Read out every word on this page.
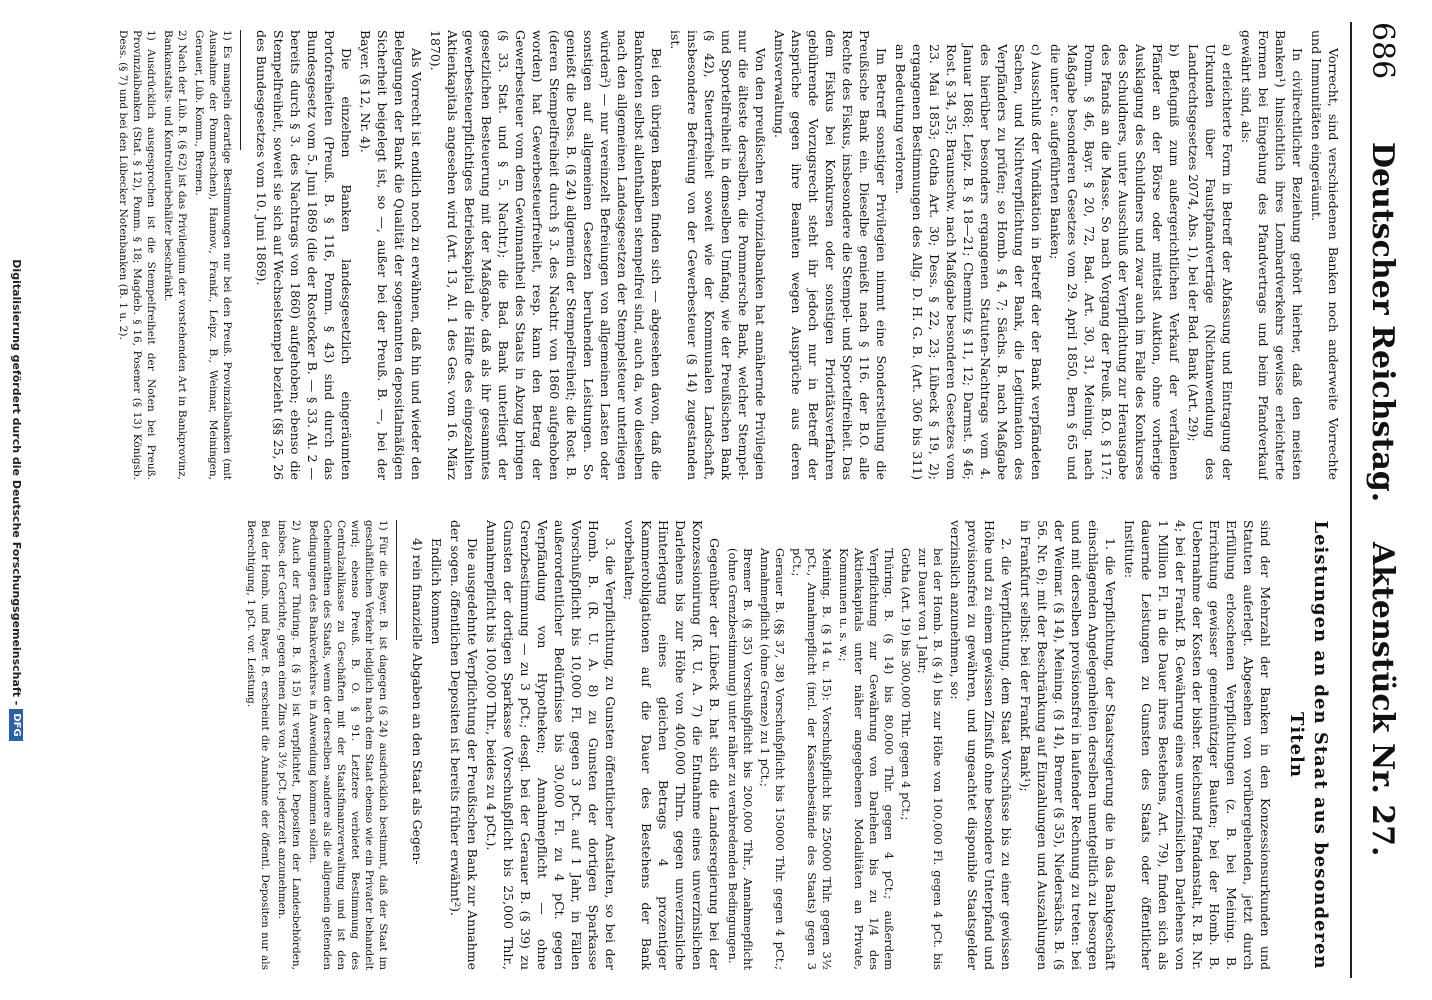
686
Deutscher Reichstag.
Aktenstück Nr. 27.

Vorrecht, sind verschiedenen Banken noch anderweite Vorrechte und Immunitäten eingeräumt.

In civilrechtlicher Beziehung gehört hierher, daß den meisten Banken¹) hinsichtlich ihres Lombardverkehrs gewisse erleichterte Formen bei Eingehung des Pfandvertrags und beim Pfandverkauf gewährt sind, als:

a) erleichterte Form in Betreff der Abfassung und Eintragung der Urkunden über Faustpfandverträge (Nichtanwendung des Landrechtsgesetzes 2074, Abs. 1), bei der Bad. Bank (Art. 29);

b) Befugniß zum außergerichtlichen Verkauf der verfallenen Pfänder an der Börse oder mittelst Auktion, ohne vorherige Ausklagung des Schuldners und zwar auch im Falle des Konkurses des Schuldners, unter Ausschluß der Verpflichtung zur Herausgabe des Pfands an die Masse. So nach Vorgang der Preuß. B.O. § 117: Pomm. § 46, Bayr. § 20, 72, Bad. Art. 30, 31, Meining. nach Maßgabe besonderen Gesetzes vom 29. April 1850, Bern § 65 und die unter c. aufgeführten Banken;

c) Ausschluß der Vindikation in Betreff der der Bank verpfändeten Sachen, und Nichtverpflichtung der Bank, die Legitimation des Verpfänders zu prüfen; so Homb. § 4, 7; Sächs. B. nach Maßgabe des hierüber besonders ergangenen Statuten-Nachtrags vom 4. Januar 1868; Leipz. B. § 18—21; Chemnitz § 11, 12; Darmst. § 46; Rost. § 34, 35; Braunschw. nach Maßgabe besonderen Gesetzes vom 23. Mai 1853; Gotha Art. 30; Dess. § 22, 23; Lübeck § 19, 2); ergangenen Bestimmungen des Allg. D. H. G. B. (Art. 306 bis 311) an Bedeutung verloren.

Im Betreff sonstiger Privilegien nimmt eine Sonderstellung die Preußische Bank ein. Dieselbe genießt nach § 116. der B.O. alle Rechte des Fiskus, insbesondere die Stempel- und Sportelfreiheit. Das dem Fiskus bei Konkursen oder sonstigen Prioritätsverfahren gebührende Vorzugsrecht steht ihr jedoch nur in Betreff der Ansprüche gegen ihre Beamten wegen Ausprüche aus deren Amtsverwaltung.

Von den preußischen Provinzialbanken hat annähernde Privilegien nur die älteste derselben, die Pommersche Bank, welcher Stempel- und Sportelfreiheit in demselben Umfang, wie der Preußischen Bank (§ 42), Steuerfreiheit soweit wie der Kommunalen Landschaft, insbesondere Befreiung von der Gewerbesteuer (§ 14) zugestanden ist.

Bei den übrigen Banken finden sich — abgesehen davon, daß die Banknoten selbst allenthalben stempelfrei sind, auch da, wo dieselben nach den allgemeinen Landesgesetzen der Stempelsteuer unterliegen würden²) — nur vereinzelt Befreiungen von allgemeinen Lasten oder sonstigen auf allgemeinen Gesetzen beruhenden Leistungen. So genießt die Dess. B. (§ 24) allgemein der Stempelfreiheit; die Rost. B. (deren Stempelfreiheit durch § 3. des Nachtr. von 1860 aufgehoben worden) hat Gewerbesteuerfreiheit, resp. kann den Betrag der Gewerbesteuer vom dem Gewinnantheil des Staats in Abzug bringen (§ 33. Stat. und § 5. Nachtr.); die Bad. Bank unterliegt der gesetzlichen Besteuerung mit der Maßgabe, daß als ihr gesammtes gewerbesteuerpflichtiges Betriebskapital die Hälfte des eingezahlten Aktienkapitals angesehen wird (Art. 13, Al. 1 des Ges. vom 16. März 1870).

Als Vorrecht ist endlich noch zu erwähnen, daß hin und wieder den Belegungen der Bank die Qualität der sogenannten depositalmäßigen Sicherheit beigelegt ist, so —, außer bei der Preuß. B. —, bei der Bayer. (§ 12, Nr. 4).

Die einzelnen Banken landesgesetzlich eingeräumten Portofreiheiten (Preuß. B. § 116, Pomm. § 43) sind durch das Bundesgesetz vom 5. Juni 1869 (die der Rostocker B. — § 33. Al. 2 — bereits durch § 3. des Nachtrags von 1860) aufgehoben; ebenso die Stempelfreiheit, soweit sie sich auf Wechselstempel bezieht (§§ 25, 26 des Bundesgesetzes vom 10. Juni 1869).

1) Es mangeln derartige Bestimmungen nur bei den Preuß. Provinzialbanken (mit Ausnahme der Pommerschen), Hannov., Frankf., Leipz. B., Weimar, Meiningen, Gerauer, Lüb. Komm., Bremen.

2) Nach der Lüb. B. (§ 62) ist das Privilegium der vorstehenden Art in Bankprovinz, Bankanstalts- und Kontrolleurbehälter beschränkt.

1) Ausdrücklich ausgesprochen ist die Stempelfreiheit der Noten bei Preuß. Provinzialbanken (Stat. § 12), Pomm. § 18; Magdeb. § 16, Posener (§ 13) Königsb. Dess. (§ 7) und bei den Lübecker Notenbanken (B. 1 u. 2).

Leistungen an den Staat aus besonderen Titeln

sind der Mehrzahl der Banken in den Konzessionsurkunden und Statuten auferlegt. Abgesehen von vorübergehenden, jetzt durch Erfüllung erloschenen Verpflichtungen (z. B. bei Meining. B. Errichtung gewisser gemeinnütziger Bauten; bei der Homb. B. Uebernahme der Kosten der bisher. Reichsund Pfandanstalt, R. B. Nr. 4; bei der Frankf. B. Gewährung eines unverzinslichen Darlehens von 1 Million Fl. in die Dauer ihres Bestehens, Art. 79), finden sich als dauernde Leistungen zu Gunsten des Staats oder öffentlicher Institute:

1. die Verpflichtung, der Staatsregierung die in das Bankgeschäft einschlagenden Angelegenheiten derselben unentgeltlich zu besorgen und mit derselben provisionsfrei in laufender Rechnung zu treten: bei der Weimar. (§ 14), Meining. (§ 14), Bremer (§ 35), Niedersächs. B. (§ 56. Nr. 6); mit der Beschränkung auf Einzahlungen und Auszahlungen in Frankfurt selbst: bei der Frankf. Bank¹);

2. die Verpflichtung, dem Staat Vorschüsse bis zu einer gewissen Höhe und zu einem gewissen Zinsfuß ohne besondere Unterpfand und provisionsfrei zu gewähren, und ungeachtet disponible Staatsgelder verzinslich anzunehmen, so:

bei der Homb. B. (§ 4) bis zur Höhe von 100,000 Fl. gegen 4 pCt. bis zur Dauer von 1 Jahr;

Gotha (Art. 19) bis 300,000 Thlr. gegen 4 pCt.;

Thüring. B. (§ 14) bis 80,000 Thlr. gegen 4 pCt.; außerdem Verpflichtung zur Gewährung von Darlehen bis zu 1/4 des Aktienkapitals unter näher angegebenen Modalitäten an Private, Kommunen u. s. w.;

Meining. B. (§ 14 u. 15): Vorschußpflicht bis 250000 Thlr. gegen 3½ pCt., Annahmepflicht (incl. der Kassenbestände des Staats) gegen 3 pCt.;

Gerauer B. (§§ 37, 38) Vorschußpflicht bis 150000 Thlr. gegen 4 pCt.; Annahmepflicht (ohne Grenze) zu 1 pCt.;

Bremer B. (§ 35) Vorschußpflicht bis 200,000 Thlr., Annahmepflicht (ohne Grenzbestimmung) unter näher zu verabredenden Bedingungen.

Gegenüber der Lübeck B. hat sich die Landesregierung bei der Konzessionirung (R. U. A. 7) die Entnahme eines unverzinslichen Darlehens bis zur Höhe von 400,000 Thlrn. gegen unverzinsliche Hinterlegung eines gleichen Betrags 4 prozentiger Kammerobligationen auf die Dauer des Bestehens der Bank vorbehalten;

3. die Verpflichtung, zu Gunsten öffentlicher Anstalten, so bei der Homb. B. (R. U. A. 8) zu Gunsten der dortigen Sparkasse Vorschußpflicht bis 10,000 Fl. gegen 3 pCt. auf 1 Jahr, in Fällen außerordentlicher Bedürfnisse bis 30,000 Fl. zu 4 pCt. gegen Verpfändung von Hypotheken; Annahmepflicht — ohne Grenzbestimmung — zu 3 pCt.; desgl. bei der Gerauer B. (§ 39) zu Gunsten der dortigen Sparkasse (Vorschußpflicht bis 25,000 Thlr., Annahmepflicht bis 100,000 Thlr., beides zu 4 pCt.).

Die ausgedehnte Verpflichtung der Preußischen Bank zur Annahme der sogen. öffentlichen Depositen ist bereits früher erwähnt²).

Endlich kommen

4) rein finanzielle Abgaben an den Staat als Gegen-

1) Für die Bayer. B. ist dagegen (§ 24) ausdrücklich bestimmt, daß der Staat im geschäftlichen Verkehr lediglich nach dem Staat ebenso wie ein Privater behandelt wird; ebenso Preuß. B. O. § 91. Letztere verbietet Bestimmung des Centralzahlkasse zu Geschäften mit der Staatsfinanzverwaltung und ist den Geheimräthen des Staats, wenn der derselben »andere als die allgemein geltenden Bedingungen des Bankverkehrs« in Anwendung kommen sollen.

2) Auch der Thüring. B. (§ 15) ist verpflichtet, Depositen der Landesbehörden, insbes. der Gerichte, gegen einen Zins von 3½ pCt. jederzeit anzunehmen.

Bei der Homb. und Bayer. B. erscheint die Annahme der öffentl. Depositen nur als Berechtigung, 1 pCt. vor. Leistung.

Digitalisierung gefördert durch die Deutsche Forschungsgemeinschaft -DFG
